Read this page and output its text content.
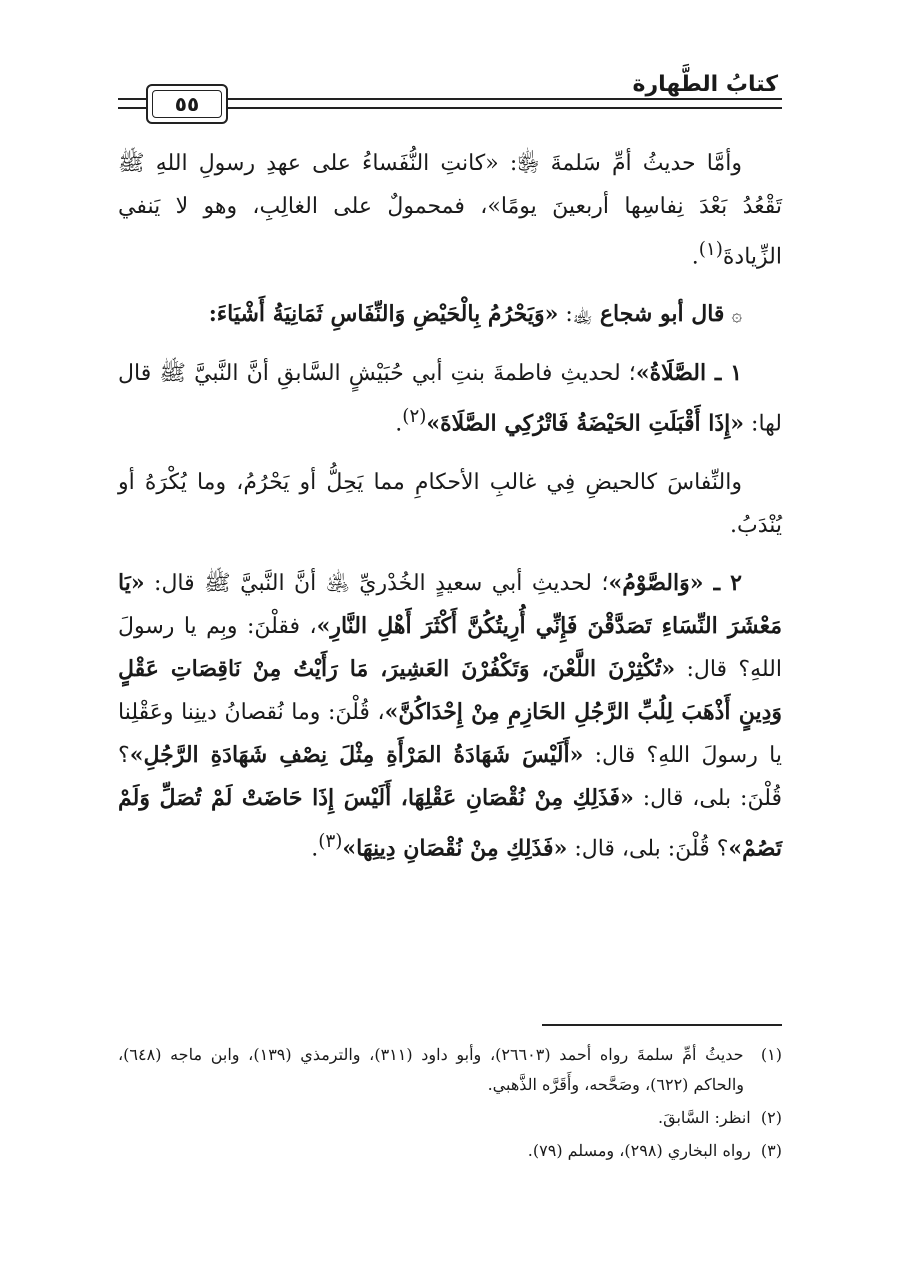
كتابُ الطَّهارة
٥٥

وأمَّا حديثُ أمِّ سَلمةَ ﵂: «كانتِ النُّفَساءُ على عهدِ رسولِ اللهِ ﷺ تَقْعُدُ بَعْدَ نِفاسِها أربعينَ يومًا»، فمحمولٌ على الغالِبِ، وهو لا يَنفي الزِّيادةَ$^{(١)}$.

۞ قال أبو شجاع ﵀: «وَيَحْرُمُ بِالْحَيْضِ وَالنِّفَاسِ ثَمَانِيَةُ أَشْيَاءَ:

١ ـ الصَّلَاةُ»؛ لحديثِ فاطمةَ بنتِ أبي حُبَيْشٍ السَّابقِ أنَّ النَّبيَّ ﷺ قال لها: «إِذَا أَقْبَلَتِ الحَيْضَةُ فَاتْرُكِي الصَّلَاةَ»$^{(٢)}$.

والنِّفاسَ كالحيضِ فِي غالبِ الأحكامِ مما يَحِلُّ أو يَحْرُمُ، وما يُكْرَهُ أو يُنْدَبُ.

٢ ـ «وَالصَّوْمُ»؛ لحديثِ أبي سعيدٍ الخُدْريِّ ﵁ أنَّ النَّبيَّ ﷺ قال: «يَا مَعْشَرَ النِّسَاءِ تَصَدَّقْنَ فَإِنِّي أُرِيتُكُنَّ أَكْثَرَ أَهْلِ النَّارِ»، فقلْنَ: وبِم يا رسولَ اللهِ؟ قال: «تُكْثِرْنَ اللَّعْنَ، وَتَكْفُرْنَ العَشِيرَ، مَا رَأَيْتُ مِنْ نَاقِصَاتِ عَقْلٍ وَدِينٍ أَذْهَبَ لِلُبِّ الرَّجُلِ الحَازِمِ مِنْ إِحْدَاكُنَّ»، قُلْنَ: وما نُقصانُ دينِنا وعَقْلِنا يا رسولَ اللهِ؟ قال: «أَلَيْسَ شَهَادَةُ المَرْأَةِ مِثْلَ نِصْفِ شَهَادَةِ الرَّجُلِ»؟ قُلْنَ: بلى، قال: «فَذَلِكِ مِنْ نُقْصَانِ عَقْلِهَا، أَلَيْسَ إِذَا حَاضَتْ لَمْ تُصَلِّ وَلَمْ تَصُمْ»؟ قُلْنَ: بلى، قال: «فَذَلِكِ مِنْ نُقْصَانِ دِينِهَا»$^{(٣)}$.

(١)  حديثُ أمِّ سلمةَ رواه أحمد (٢٦٦٠٣)، وأبو داود (٣١١)، والترمذي (١٣٩)، وابن ماجه (٦٤٨)، والحاكم (٦٢٢)، وصَحَّحه، وأَقَرَّه الذَّهبي.
(٢)  انظر: السَّابقَ.
(٣)  رواه البخاري (٢٩٨)، ومسلم (٧٩).
